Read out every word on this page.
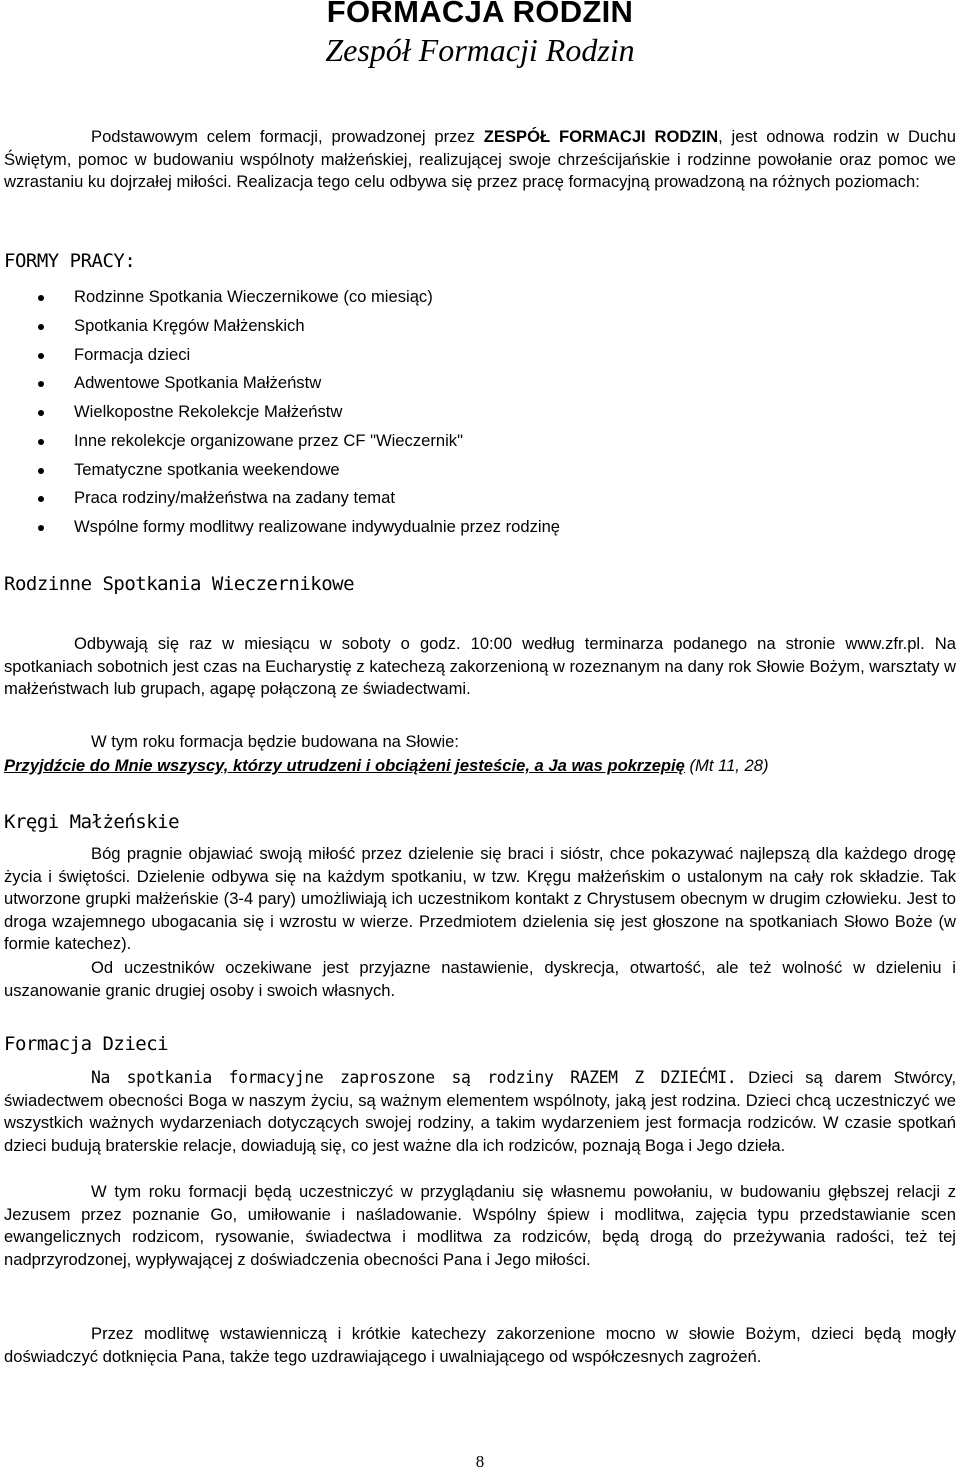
FORMACJA RODZIN
Zespół Formacji Rodzin
Podstawowym celem formacji, prowadzonej przez ZESPÓŁ FORMACJI RODZIN, jest odnowa rodzin w Duchu Świętym, pomoc w budowaniu wspólnoty małżeńskiej, realizującej swoje chrześcijańskie i rodzinne powołanie oraz pomoc we wzrastaniu ku dojrzałej miłości. Realizacja tego celu odbywa się przez pracę formacyjną prowadzoną na różnych poziomach:
FORMY PRACY:
Rodzinne Spotkania Wieczernikowe (co miesiąc)
Spotkania Kręgów Małżenskich
Formacja dzieci
Adwentowe Spotkania Małżeństw
Wielkopostne Rekolekcje Małżeństw
Inne rekolekcje organizowane przez CF "Wieczernik"
Tematyczne spotkania weekendowe
Praca rodziny/małżeństwa na zadany temat
Wspólne formy modlitwy realizowane indywydualnie przez rodzinę
Rodzinne Spotkania Wieczernikowe
Odbywają się raz w miesiącu w soboty o godz. 10:00 według terminarza podanego na stronie www.zfr.pl. Na spotkaniach sobotnich jest czas na Eucharystię z katechezą zakorzenioną w rozeznanym na dany rok Słowie Bożym, warsztaty w małżeństwach lub grupach, agapę połączoną ze świadectwami.
W tym roku formacja będzie budowana na Słowie:
Przyjdźcie do Mnie wszyscy, którzy utrudzeni i obciążeni jesteście, a Ja was pokrzepię (Mt 11, 28)
Kręgi Małżeńskie
Bóg pragnie objawiać swoją miłość przez dzielenie się braci i sióstr, chce pokazywać najlepszą dla każdego drogę życia i świętości. Dzielenie odbywa się na każdym spotkaniu, w tzw. Kręgu małżeńskim o ustalonym na cały rok składzie. Tak utworzone grupki małżeńskie (3-4 pary) umożliwiają ich uczestnikom kontakt z Chrystusem obecnym w drugim człowieku. Jest to droga wzajemnego ubogacania się i wzrostu w wierze. Przedmiotem dzielenia się jest głoszone na spotkaniach Słowo Boże (w formie katechez).
Od uczestników oczekiwane jest przyjazne nastawienie, dyskrecja, otwartość, ale też wolność w dzieleniu i uszanowanie granic drugiej osoby i swoich własnych.
Formacja Dzieci
Na spotkania formacyjne zaproszone są rodziny RAZEM Z DZIEĆMI. Dzieci są darem Stwórcy, świadectwem obecności Boga w naszym życiu, są ważnym elementem wspólnoty, jaką jest rodzina. Dzieci chcą uczestniczyć we wszystkich ważnych wydarzeniach dotyczących swojej rodziny, a takim wydarzeniem jest formacja rodziców. W czasie spotkań dzieci budują braterskie relacje, dowiadują się, co jest ważne dla ich rodziców, poznają Boga i Jego dzieła.
W tym roku formacji będą uczestniczyć w przyglądaniu się własnemu powołaniu, w budowaniu głębszej relacji z Jezusem przez poznanie Go, umiłowanie i naśladowanie. Wspólny śpiew i modlitwa, zajęcia typu przedstawianie scen ewangelicznych rodzicom, rysowanie, świadectwa i modlitwa za rodziców, będą drogą do przeżywania radości, też tej nadprzyrodzonej, wypływającej z doświadczenia obecności Pana i Jego miłości.
Przez modlitwę wstawienniczą i krótkie katechezy zakorzenione mocno w słowie Bożym, dzieci będą mogły doświadczyć dotknięcia Pana, także tego uzdrawiającego i uwalniającego od współczesnych zagrożeń.
8
